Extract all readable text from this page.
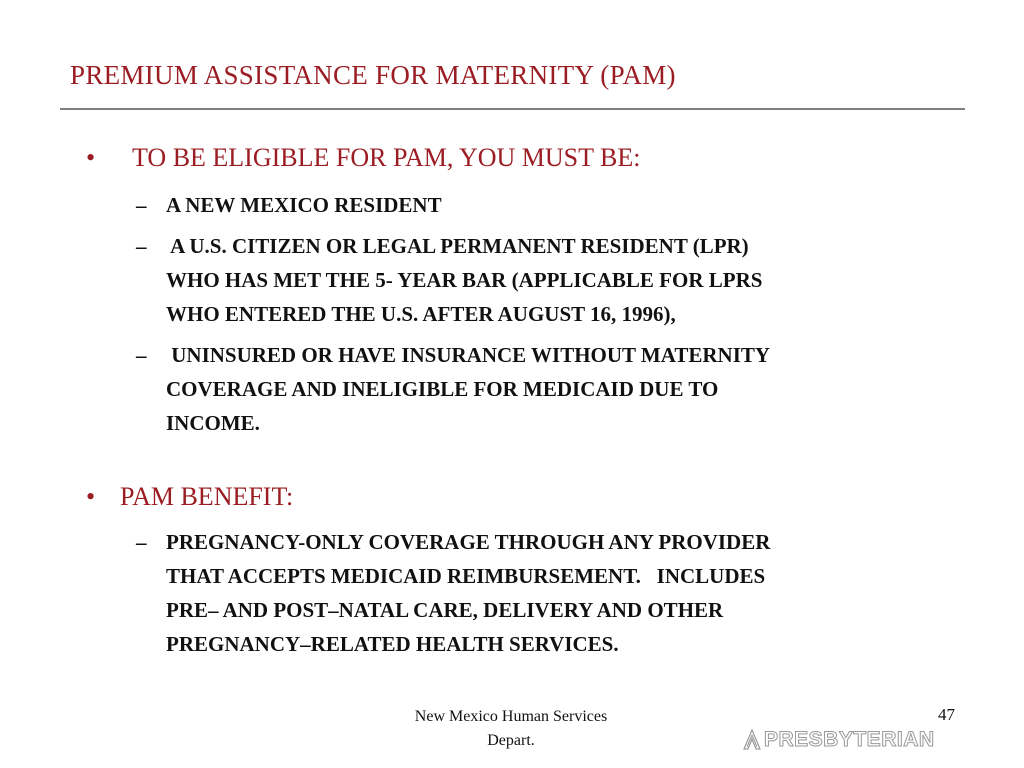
PREMIUM ASSISTANCE FOR MATERNITY (PAM)
• TO BE ELIGIBLE FOR PAM, YOU MUST BE:
– A NEW MEXICO RESIDENT
– A U.S. CITIZEN OR LEGAL PERMANENT RESIDENT (LPR)
WHO HAS MET THE 5- YEAR BAR (APPLICABLE FOR LPRS
WHO ENTERED THE U.S. AFTER AUGUST 16, 1996),
– UNINSURED OR HAVE INSURANCE WITHOUT MATERNITY
COVERAGE AND INELIGIBLE FOR MEDICAID DUE TO
INCOME.
• PAM BENEFIT:
– PREGNANCY-ONLY COVERAGE THROUGH ANY PROVIDER
THAT ACCEPTS MEDICAID REIMBURSEMENT.   INCLUDES
PRE– AND POST–NATAL CARE, DELIVERY AND OTHER
PREGNANCY–RELATED HEALTH SERVICES.
New Mexico Human Services
Depart.
47
PRESBYTERIAN
